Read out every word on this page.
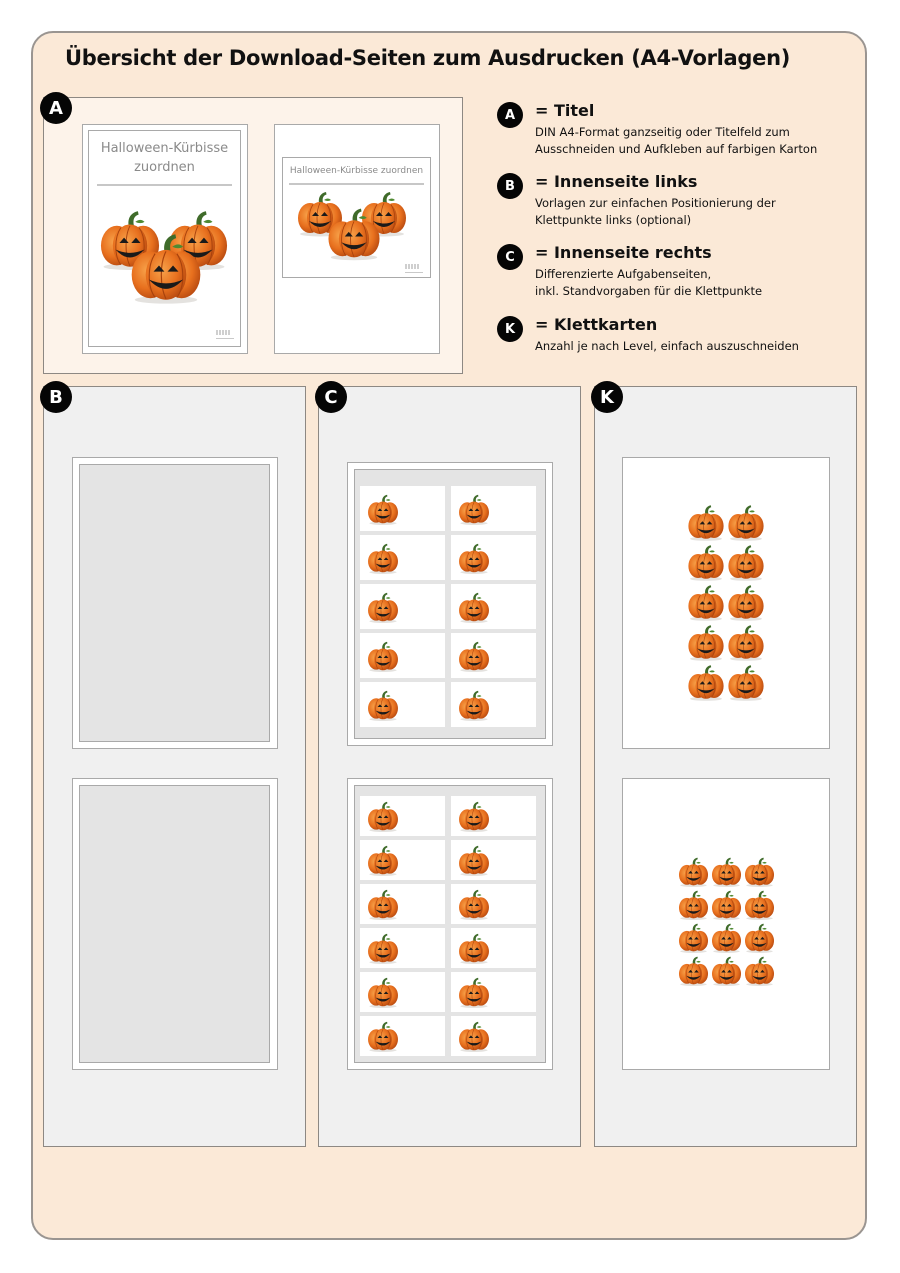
Übersicht der Download-Seiten zum Ausdrucken (A4-Vorlagen)
A
Halloween-Kürbisse
zuordnen	Halloween-Kürbisse zuordnen
A	= Titel
DIN A4-Format ganzseitig oder Titelfeld zum
Ausschneiden und Aufkleben auf farbigen Karton
B	= Innenseite links
Vorlagen zur einfachen Positionierung der
Klettpunkte links (optional)
C	= Innenseite rechts
Differenzierte Aufgabenseiten,
inkl. Standvorgaben für die Klettpunkte
K	= Klettkarten
Anzahl je nach Level, einfach auszuschneiden
B	C	K
